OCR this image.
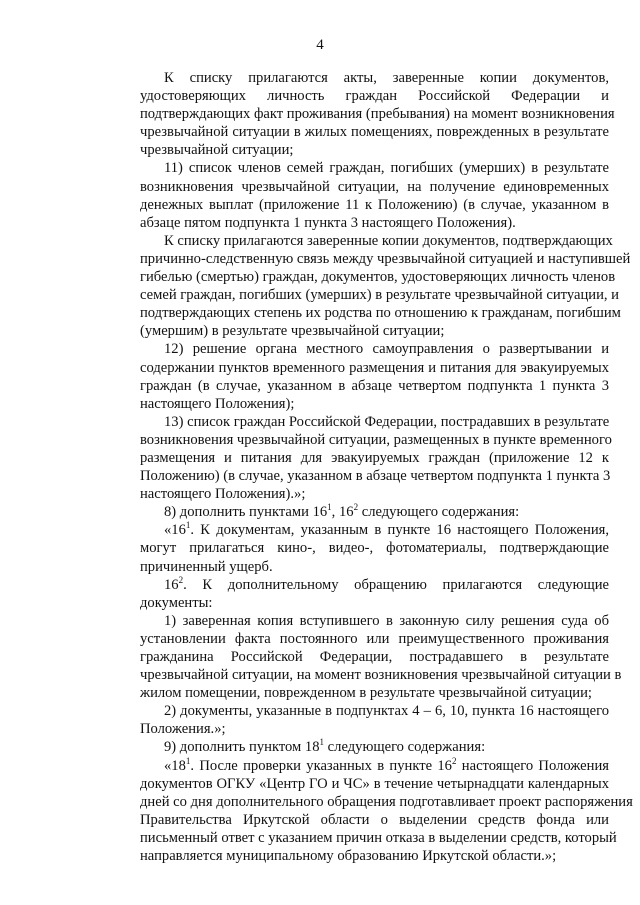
4
К списку прилагаются акты, заверенные копии документов,
удостоверяющих личность граждан Российской Федерации и
подтверждающих факт проживания (пребывания) на момент возникновения
чрезвычайной ситуации в жилых помещениях, поврежденных в результате
чрезвычайной ситуации;
11) список членов семей граждан, погибших (умерших) в результате
возникновения чрезвычайной ситуации, на получение единовременных
денежных выплат (приложение 11 к Положению) (в случае, указанном в
абзаце пятом подпункта 1 пункта 3 настоящего Положения).
К списку прилагаются заверенные копии документов, подтверждающих
причинно-следственную связь между чрезвычайной ситуацией и наступившей
гибелью (смертью) граждан, документов, удостоверяющих личность членов
семей граждан, погибших (умерших) в результате чрезвычайной ситуации, и
подтверждающих степень их родства по отношению к гражданам, погибшим
(умершим) в результате чрезвычайной ситуации;
12) решение органа местного самоуправления о развертывании и
содержании пунктов временного размещения и питания для эвакуируемых
граждан (в случае, указанном в абзаце четвертом подпункта 1 пункта 3
настоящего Положения);
13) список граждан Российской Федерации, пострадавших в результате
возникновения чрезвычайной ситуации, размещенных в пункте временного
размещения и питания для эвакуируемых граждан (приложение 12 к
Положению) (в случае, указанном в абзаце четвертом подпункта 1 пункта 3
настоящего Положения).»;
8) дополнить пунктами $16^1$, $16^2$ следующего содержания:
«$16^1$. К документам, указанным в пункте 16 настоящего Положения,
могут прилагаться кино-, видео-, фотоматериалы, подтверждающие
причиненный ущерб.
$16^2$. К дополнительному обращению прилагаются следующие
документы:
1) заверенная копия вступившего в законную силу решения суда об
установлении факта постоянного или преимущественного проживания
гражданина Российской Федерации, пострадавшего в результате
чрезвычайной ситуации, на момент возникновения чрезвычайной ситуации в
жилом помещении, поврежденном в результате чрезвычайной ситуации;
2) документы, указанные в подпунктах 4 – 6, 10, пункта 16 настоящего
Положения.»;
9) дополнить пунктом $18^1$ следующего содержания:
«$18^1$. После проверки указанных в пункте $16^2$ настоящего Положения
документов ОГКУ «Центр ГО и ЧС» в течение четырнадцати календарных
дней со дня дополнительного обращения подготавливает проект распоряжения
Правительства Иркутской области о выделении средств фонда или
письменный ответ с указанием причин отказа в выделении средств, который
направляется муниципальному образованию Иркутской области.»;
